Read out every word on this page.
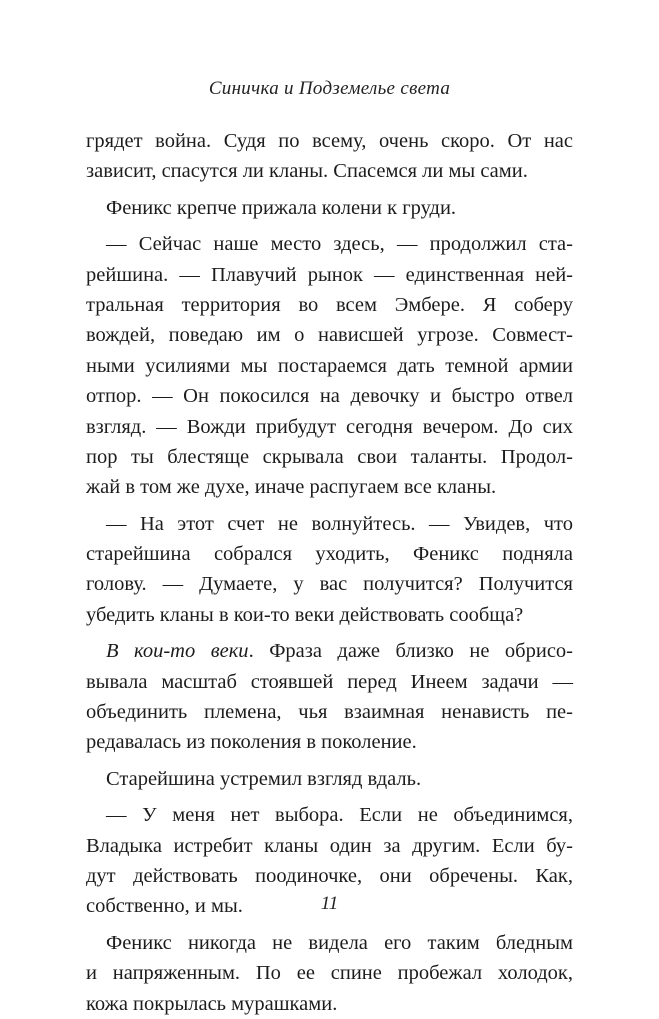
Синичка и Подземелье света
грядет война. Судя по всему, очень скоро. От нас
зависит, спасутся ли кланы. Спасемся ли мы сами.
Феникс крепче прижала колени к груди.
— Сейчас наше место здесь, — продолжил ста-
рейшина. — Плавучий рынок — единственная ней-
тральная территория во всем Эмбере. Я соберу
вождей, поведаю им о нависшей угрозе. Совмест-
ными усилиями мы постараемся дать темной армии
отпор. — Он покосился на девочку и быстро отвел
взгляд. — Вожди прибудут сегодня вечером. До сих
пор ты блестяще скрывала свои таланты. Продол-
жай в том же духе, иначе распугаем все кланы.
— На этот счет не волнуйтесь. — Увидев, что
старейшина собрался уходить, Феникс подняла
голову. — Думаете, у вас получится? Получится
убедить кланы в кои-то веки действовать сообща?
В кои-то веки. Фраза даже близко не обрисо-
вывала масштаб стоявшей перед Инеем задачи —
объединить племена, чья взаимная ненависть пе-
редавалась из поколения в поколение.
Старейшина устремил взгляд вдаль.
— У меня нет выбора. Если не объединимся,
Владыка истребит кланы один за другим. Если бу-
дут действовать поодиночке, они обречены. Как,
собственно, и мы.
Феникс никогда не видела его таким бледным
и напряженным. По ее спине пробежал холодок,
кожа покрылась мурашками.
11
